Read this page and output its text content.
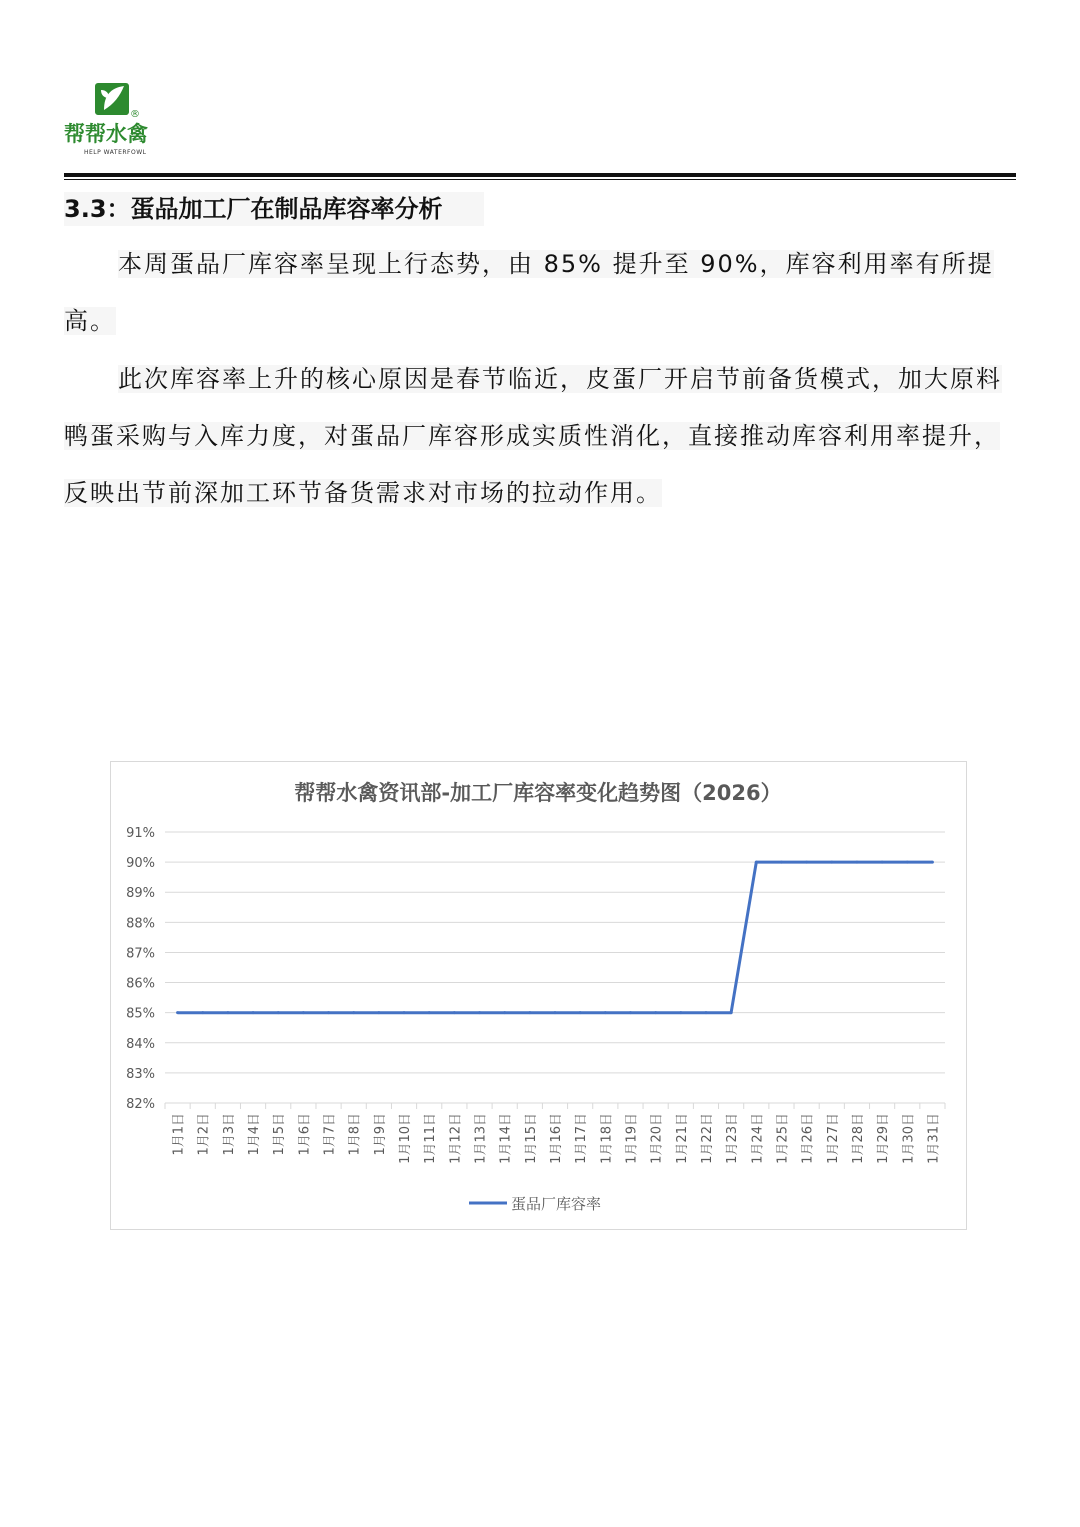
®
帮帮水禽
HELP WATERFOWL
3.3：蛋品加工厂在制品库容率分析
本周蛋品厂库容率呈现上行态势，由 85% 提升至 90%，库容利用率有所提高。
此次库容率上升的核心原因是春节临近，皮蛋厂开启节前备货模式，加大原料鸭蛋采购与入库力度，对蛋品厂库容形成实质性消化，直接推动库容利用率提升，反映出节前深加工环节备货需求对市场的拉动作用。
帮帮水禽资讯部-加工厂库容率变化趋势图（2026）
82%
83%
84%
85%
86%
87%
88%
89%
90%
91%
1月1日 1月2日 1月3日 1月4日 1月5日 1月6日 1月7日 1月8日 1月9日 1月10日 1月11日 1月12日 1月13日 1月14日 1月15日 1月16日 1月17日 1月18日 1月19日 1月20日 1月21日 1月22日 1月23日 1月24日 1月25日 1月26日 1月27日 1月28日 1月29日 1月30日 1月31日
蛋品厂库容率
